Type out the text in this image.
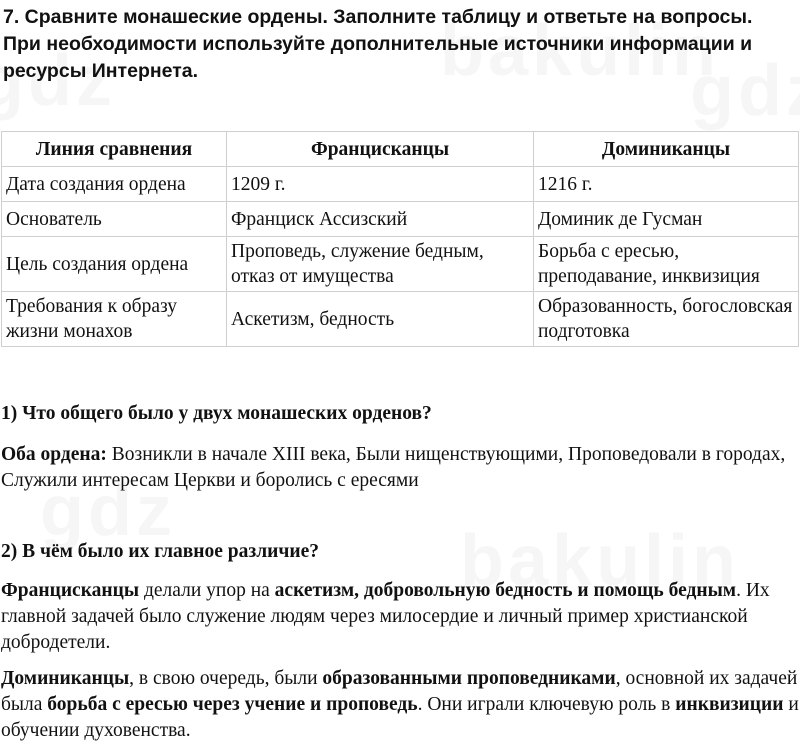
7. Сравните монашеские ордены. Заполните таблицу и ответьте на вопросы. При необходимости используйте дополнительные источники информации и ресурсы Интернета.
Линия сравнения	Францисканцы	Доминиканцы
Дата создания ордена	1209 г.	1216 г.
Основатель	Франциск Ассизский	Доминик де Гусман
Цель создания ордена	Проповедь, служение бедным, отказ от имущества	Борьба с ересью, преподавание, инквизиция
Требования к образу жизни монахов	Аскетизм, бедность	Образованность, богословская подготовка
1) Что общего было у двух монашеских орденов?
Оба ордена: Возникли в начале XIII века, Были нищенствующими, Проповедовали в городах, Служили интересам Церкви и боролись с ересями
2) В чём было их главное различие?
Францисканцы делали упор на аскетизм, добровольную бедность и помощь бедным. Их главной задачей было служение людям через милосердие и личный пример христианской добродетели.
Доминиканцы, в свою очередь, были образованными проповедниками, основной их задачей была борьба с ересью через учение и проповедь. Они играли ключевую роль в инквизиции и обучении духовенства.
